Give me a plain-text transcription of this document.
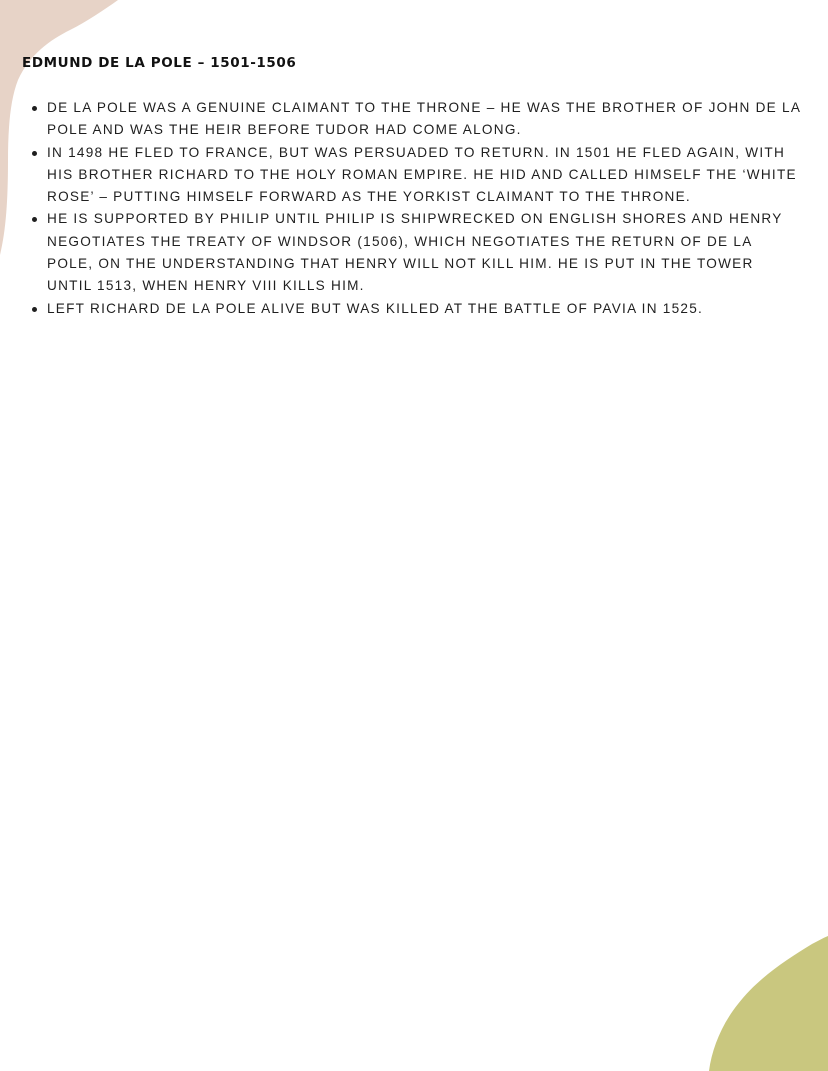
EDMUND DE LA POLE – 1501-1506
DE LA POLE WAS A GENUINE CLAIMANT TO THE THRONE – HE WAS THE BROTHER OF JOHN DE LA POLE AND WAS THE HEIR BEFORE TUDOR HAD COME ALONG.
IN 1498 HE FLED TO FRANCE, BUT WAS PERSUADED TO RETURN. IN 1501 HE FLED AGAIN, WITH HIS BROTHER RICHARD TO THE HOLY ROMAN EMPIRE. HE HID AND CALLED HIMSELF THE ‘WHITE ROSE’ – PUTTING HIMSELF FORWARD AS THE YORKIST CLAIMANT TO THE THRONE.
HE IS SUPPORTED BY PHILIP UNTIL PHILIP IS SHIPWRECKED ON ENGLISH SHORES AND HENRY NEGOTIATES THE TREATY OF WINDSOR (1506), WHICH NEGOTIATES THE RETURN OF DE LA POLE, ON THE UNDERSTANDING THAT HENRY WILL NOT KILL HIM. HE IS PUT IN THE TOWER UNTIL 1513, WHEN HENRY VIII KILLS HIM.
LEFT RICHARD DE LA POLE ALIVE BUT WAS KILLED AT THE BATTLE OF PAVIA IN 1525.
